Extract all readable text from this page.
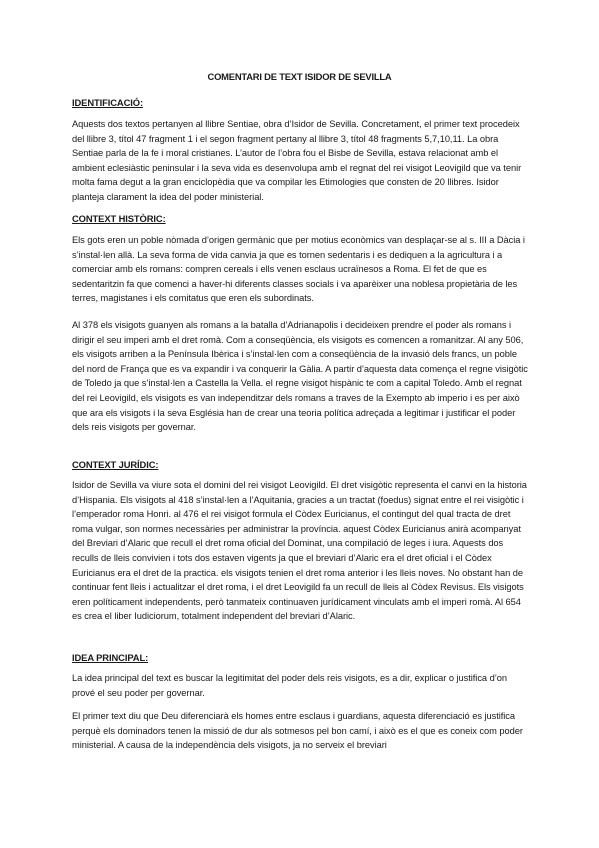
COMENTARI DE TEXT ISIDOR DE SEVILLA
IDENTIFICACIÓ:

Aquests dos textos pertanyen al llibre Sentiae, obra d’Isidor de Sevilla. Concretament, el primer text procedeix del llibre 3, títol 47 fragment 1 i el segon fragment pertany al llibre 3, títol 48 fragments 5,7,10,11. La obra Sentiae parla de la fe i moral cristianes. L’autor de l’obra fou el Bisbe de Sevilla, estava relacionat amb el ambient eclesiàstic peninsular i la seva vida es desenvolupa amb el regnat del rei visigot Leovigild que va tenir molta fama degut a la gran enciclopèdia que va compilar les Etimologies que consten de 20 llibres. Isidor planteja clarament la idea del poder ministerial.

CONTEXT HISTÒRIC:

Els gots eren un poble nòmada d’origen germànic que per motius econòmics van desplaçar-se al s. III a Dàcia i s’instal·len allà. La seva forma de vida canvia ja que es tornen sedentaris i es dediquen a la agricultura i a comerciar amb els romans: compren cereals i ells venen esclaus ucraïnesos a Roma. El fet de que es sedentaritzin fa que comenci a haver-hi diferents classes socials i va aparèixer una noblesa propietària de les terres, magistanes i els comitatus que eren els subordinats.

Al 378 els visigots guanyen als romans a la batalla d’Adrianapolis i decideixen prendre el poder als romans i dirigir el seu imperi amb el dret romà. Com a conseqüència, els visigots es comencen a romanitzar. Al any 506, els visigots arriben a la Península Ibèrica i s’instal·len com a conseqüència de la invasió dels francs, un poble del nord de França que es va expandir i va conquerir la Gàlia. A partir d’aquesta data comença el regne visigòtic de Toledo ja que s’instal·len a Castella la Vella. el regne visigot hispànic te com a capital Toledo. Amb el regnat del rei Leovigild, els visigots es van independitzar dels romans a traves de la Exempto ab imperio i es per això que ara els visigots i la seva Església han de crear una teoria política adreçada a legitimar i justificar el poder dels reis visigots per governar.

CONTEXT JURÍDIC:

Isidor de Sevilla va viure sota el domini del rei visigot Leovigild. El dret visigòtic representa el canvi en la historia d’Hispania. Els visigots al 418 s’instal·len a l’Aquitania, gracies a un tractat (foedus) signat entre el rei visigòtic i l’emperador roma Honri. al 476 el rei visigot formula el Còdex Euricianus, el contingut del qual tracta de dret roma vulgar, son normes necessàries per administrar la província. aquest Còdex Euricianus anirà acompanyat del Breviari d’Alaric que recull el dret roma oficial del Dominat, una compilació de leges i iura. Aquests dos reculls de lleis convivien i tots dos estaven vigents ja que el breviari d’Alaric era el dret oficial i el Còdex Euricianus era el dret de la practica. els visigots tenien el dret roma anterior i les lleis noves. No obstant han de continuar fent lleis i actualitzar el dret roma, i el dret Leovigild fa un recull de lleis al Còdex Revisus. Els visigots eren políticament independents, però tanmateix continuaven jurídicament vinculats amb el imperi romà. Al 654 es crea el liber Iudiciorum, totalment independent del breviari d’Alaric.

IDEA PRINCIPAL:

La idea principal del text es buscar la legitimitat del poder dels reis visigots, es a dir, explicar o justifica d’on prové el seu poder per governar.

El primer text diu que Deu diferenciarà els homes entre esclaus i guardians, aquesta diferenciació es justifica perquè els dominadors tenen la missió de dur als sotmesos pel bon camí, i això es el que es coneix com poder ministerial. A causa de la independència dels visigots, ja no serveix el breviari
